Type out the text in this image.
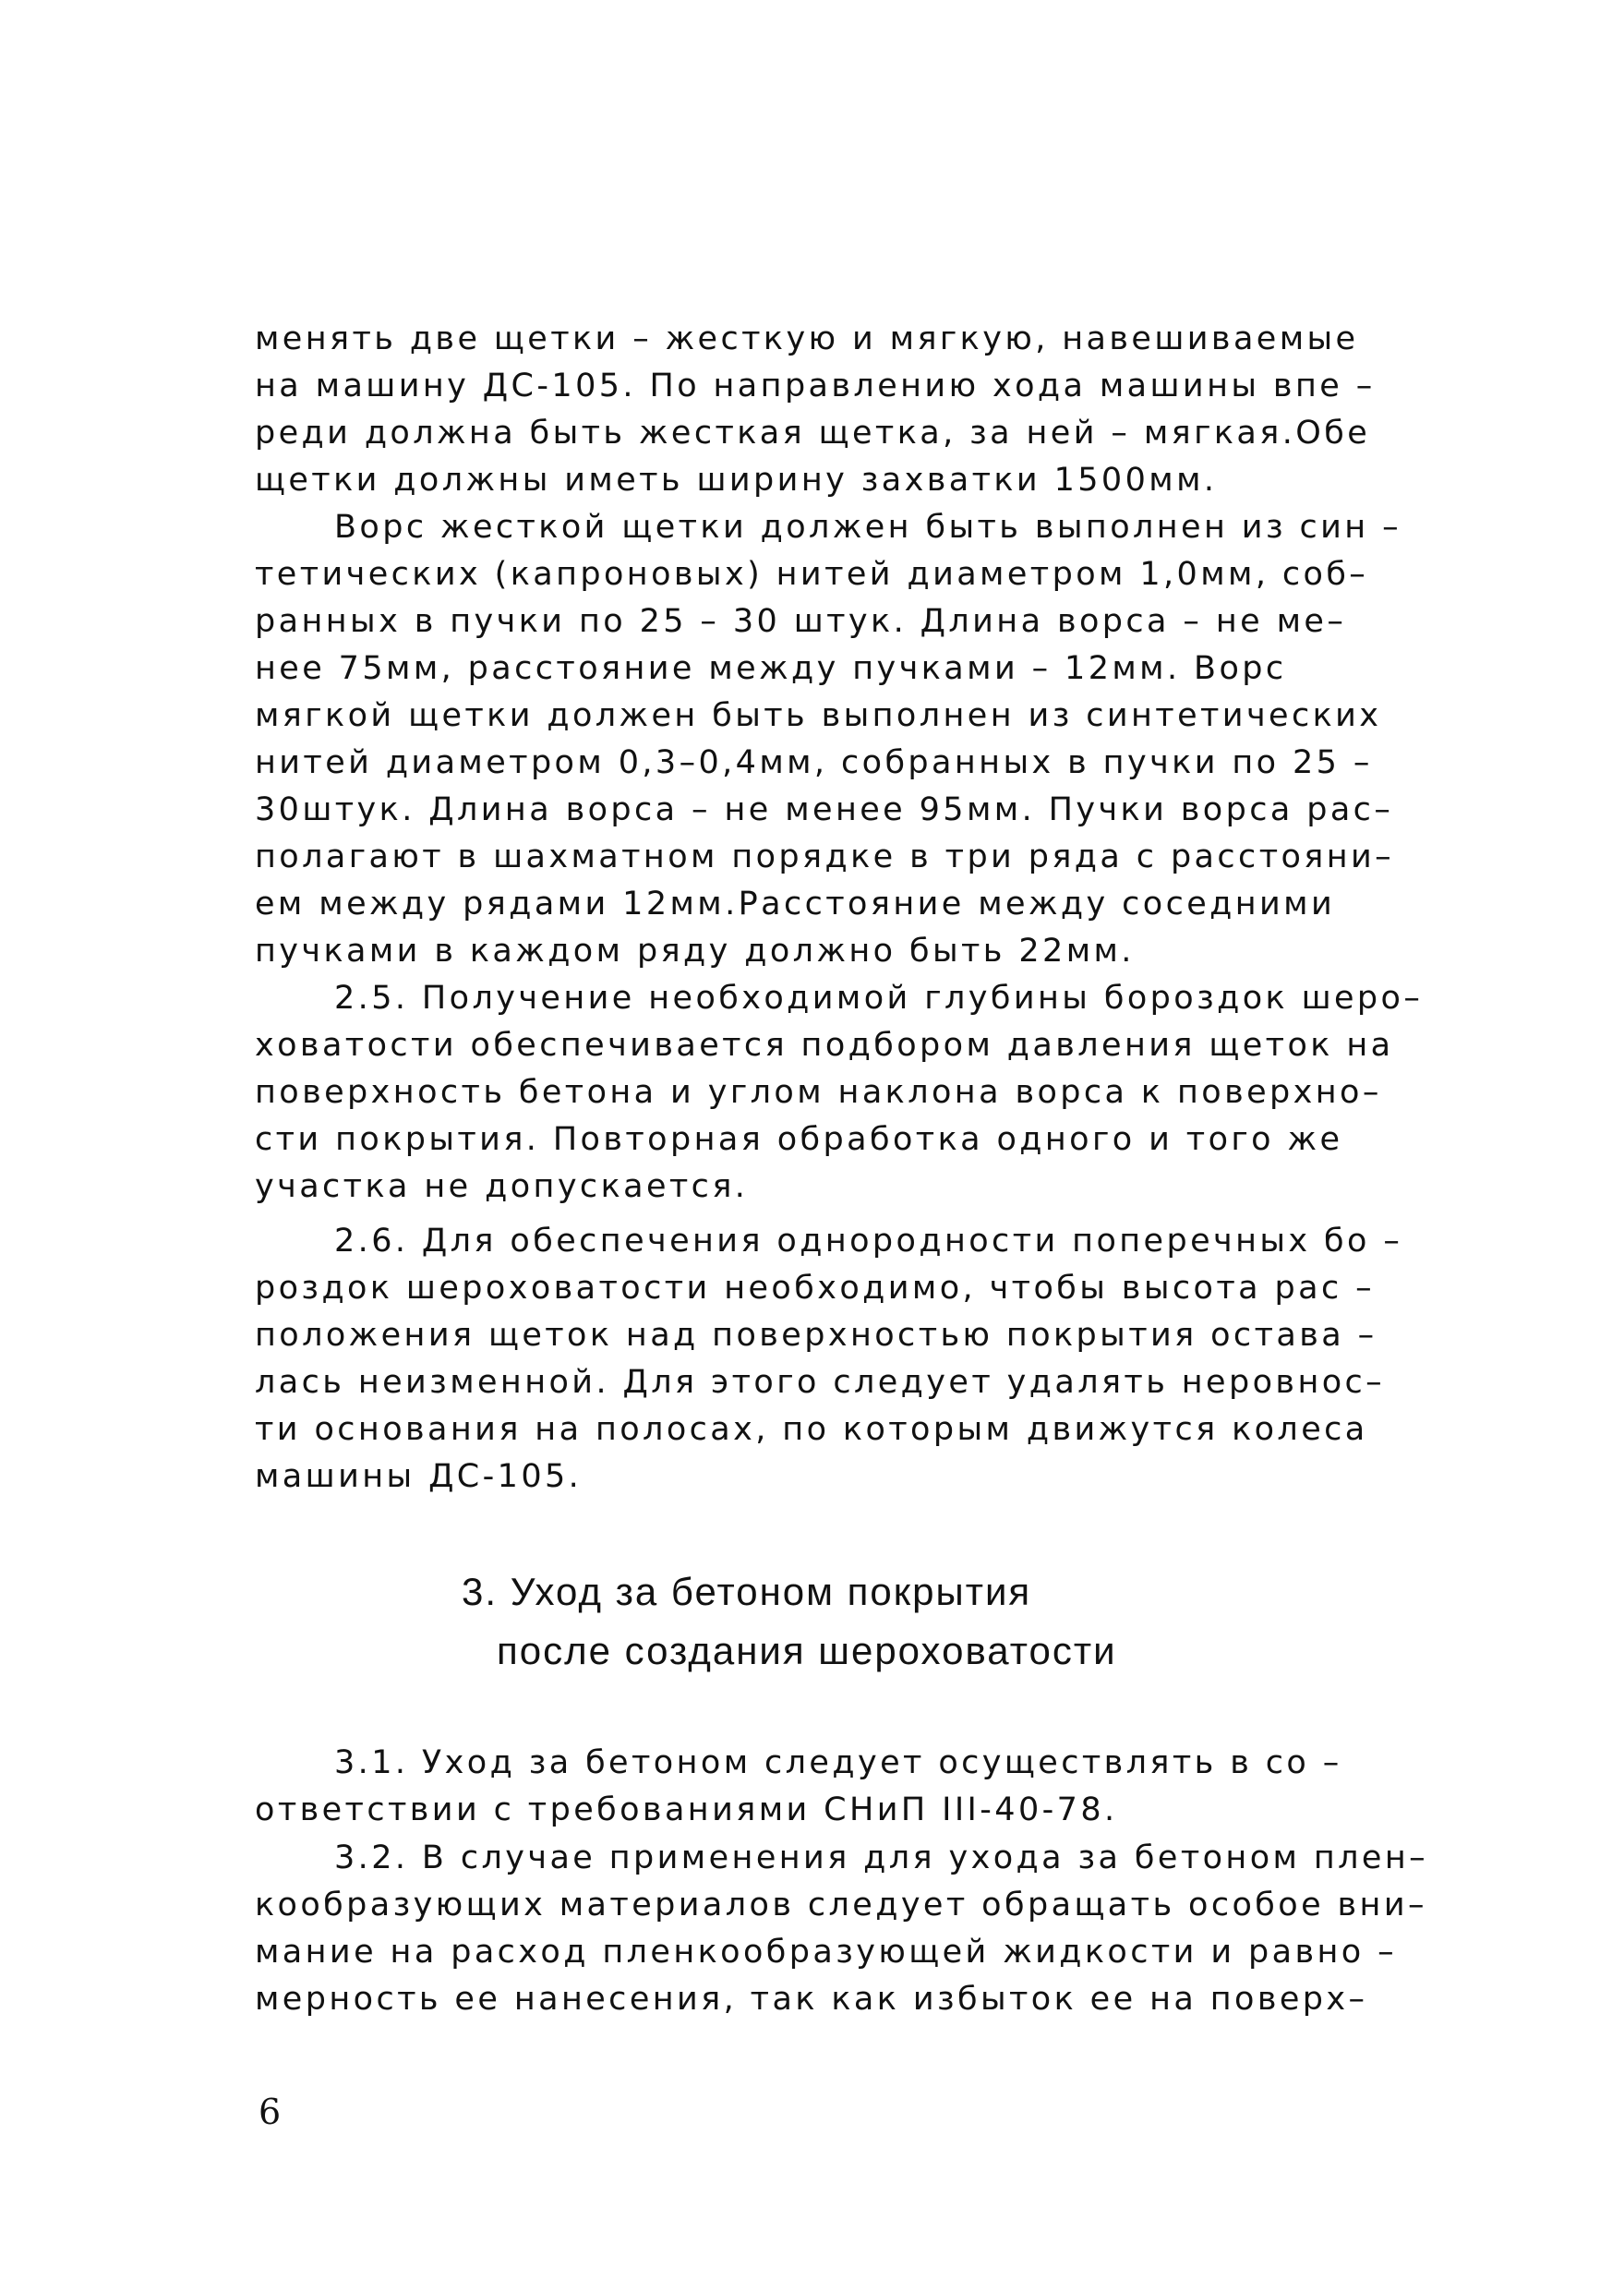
менять две щетки – жесткую и мягкую, навешиваемые
на машину ДС-105. По направлению хода машины впе –
реди должна быть жесткая щетка, за ней – мягкая.Обе
щетки должны иметь ширину захватки 1500мм.
Ворс жесткой щетки должен быть выполнен из син –
тетических (капроновых) нитей диаметром 1,0мм, соб–
ранных в пучки по 25 – 30 штук. Длина ворса – не ме–
нее 75мм, расстояние между пучками – 12мм. Ворс
мягкой щетки должен быть выполнен из синтетических
нитей диаметром 0,3–0,4мм, собранных в пучки по 25 –
30штук. Длина ворса – не менее 95мм. Пучки ворса рас–
полагают в шахматном порядке в три ряда с расстояни–
ем между рядами 12мм.Расстояние между соседними
пучками в каждом ряду должно быть 22мм.
2.5. Получение необходимой глубины бороздок шеро–
ховатости обеспечивается подбором давления щеток на
поверхность бетона и углом наклона ворса к поверхно–
сти покрытия. Повторная обработка одного и того же
участка не допускается.
2.6. Для обеспечения однородности поперечных бо –
роздок шероховатости необходимо, чтобы высота рас –
положения щеток над поверхностью покрытия остава –
лась неизменной. Для этого следует удалять неровнос–
ти основания на полосах, по которым движутся колеса
машины ДС-105.
3. Уход за бетоном покрытия
после создания шероховатости
3.1. Уход за бетоном следует осуществлять в со –
ответствии с требованиями СНиП III-40-78.
3.2. В случае применения для ухода за бетоном плен–
кообразующих материалов следует обращать особое вни–
мание на расход пленкообразующей жидкости и равно –
мерность ее нанесения, так как избыток ее на поверх–
6
